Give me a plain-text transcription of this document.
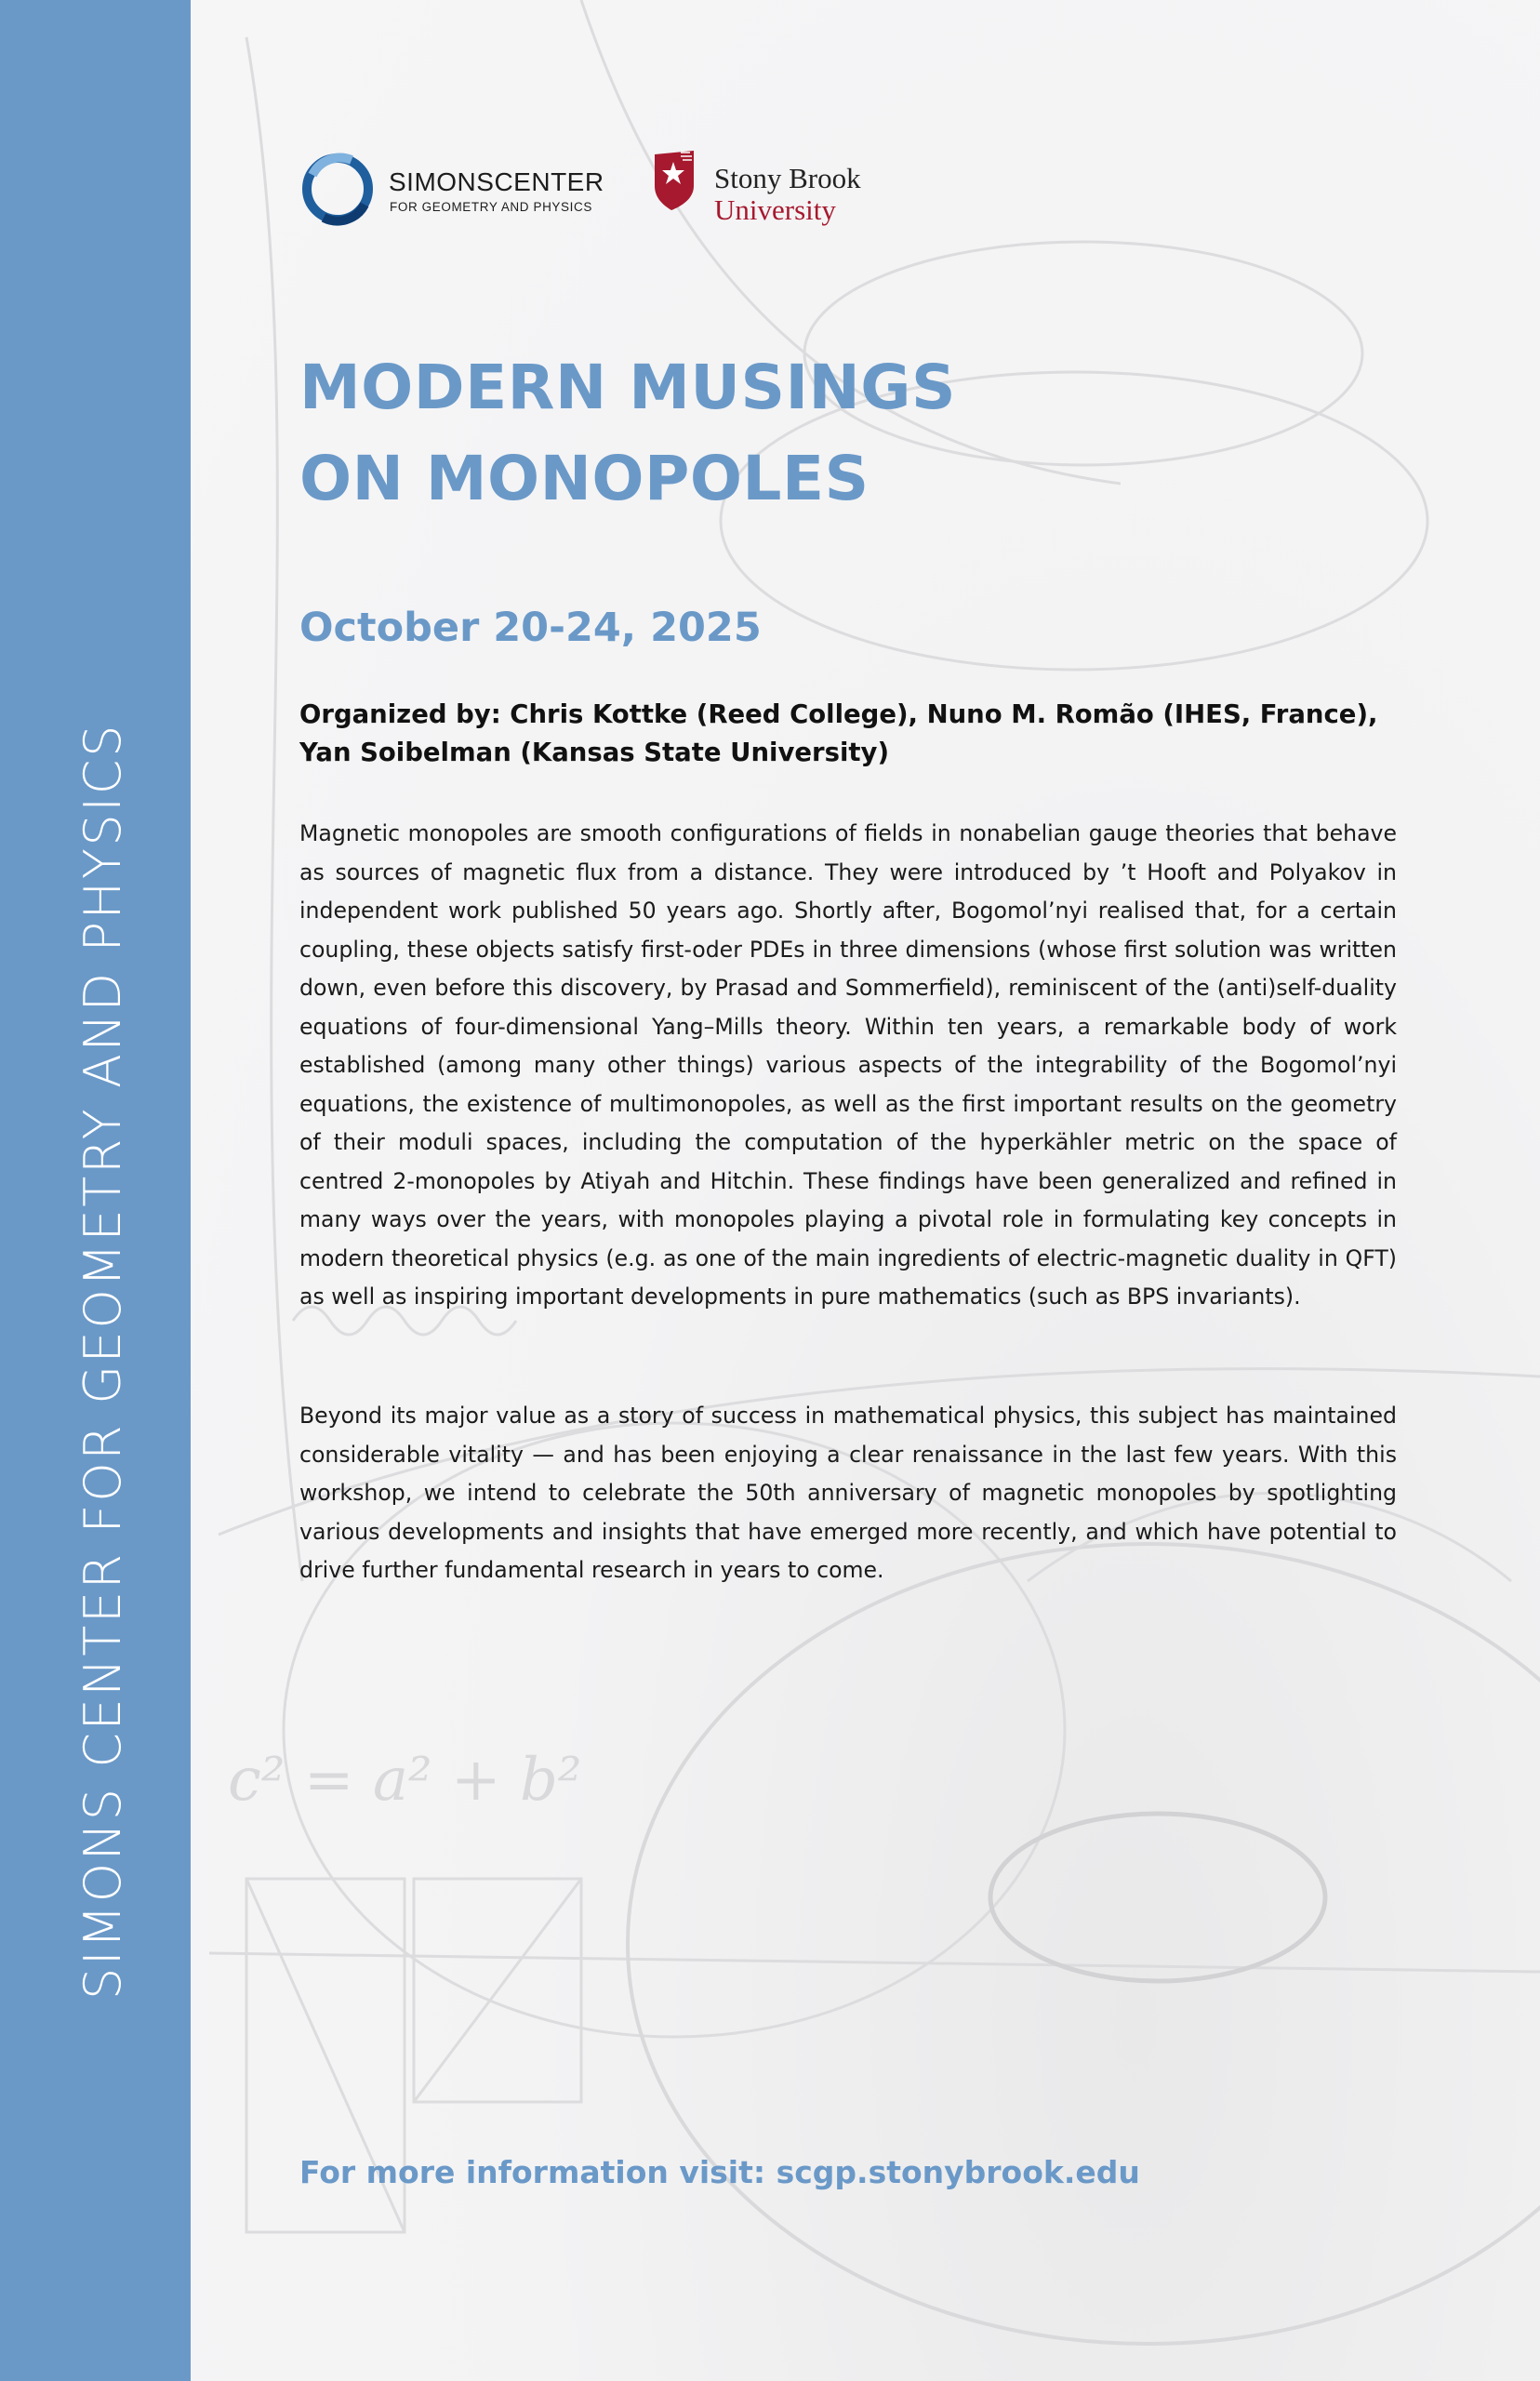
c² = a² + b²
SIMONS CENTER FOR GEOMETRY AND PHYSICS
SIMONSCENTER
FOR GEOMETRY AND PHYSICS
Stony Brook
University
MODERN MUSINGS
ON MONOPOLES
October 20-24, 2025
Organized by: Chris Kottke (Reed College), Nuno M. Romão (IHES, France),
Yan Soibelman (Kansas State University)

Magnetic monopoles are smooth configurations of fields in nonabelian gauge theories that behave as sources of magnetic flux from a distance. They were introduced by ’t Hooft and Polyakov in independent work published 50 years ago. Shortly after, Bogomol’nyi realised that, for a certain coupling, these objects satisfy first-oder PDEs in three dimensions (whose first solution was written down, even before this discovery, by Prasad and Sommerfield), reminiscent of the (anti)self-duality equations of four-dimensional Yang–Mills theory. Within ten years, a remarkable body of work established (among many other things) various aspects of the integrability of the Bogomol’nyi equations, the existence of multimonopoles, as well as the first important results on the geometry of their moduli spaces, including the computation of the hyperkähler metric on the space of centred 2-monopoles by Atiyah and Hitchin. These findings have been generalized and refined in many ways over the years, with monopoles playing a pivotal role in formulating key concepts in modern theoretical physics (e.g. as one of the main ingredients of electric-magnetic duality in QFT) as well as inspiring important developments in pure mathematics (such as BPS invariants).

Beyond its major value as a story of success in mathematical physics, this subject has maintained considerable vitality — and has been enjoying a clear renaissance in the last few years. With this workshop, we intend to celebrate the 50th anniversary of magnetic monopoles by spotlighting various developments and insights that have emerged more recently, and which have potential to drive further fundamental research in years to come.

For more information visit: scgp.stonybrook.edu
